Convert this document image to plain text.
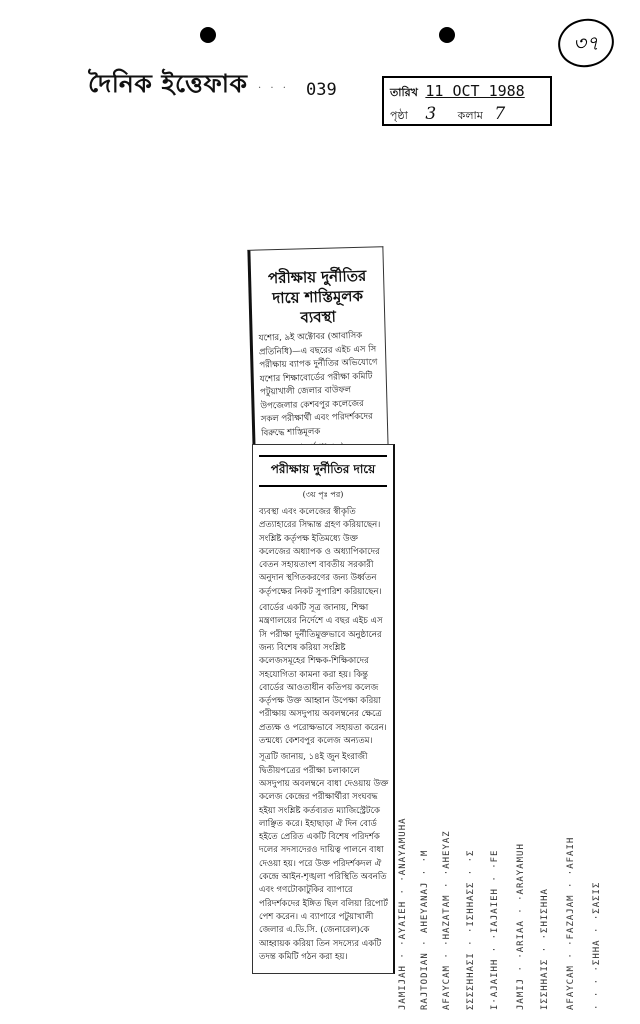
দৈনিক ইত্তেফাক . . . 039	তারিখ 11 OCT 1988
পৃষ্ঠা 3 কলাম 7
৩৭
পরীক্ষায় দুর্নীতির
দায়ে শাস্তিমূলক
ব্যবস্থা
যশোর, ৯ই অক্টোবর (আবাসিক প্রতিনিধি)—এ বছরের এইচ এস সি পরীক্ষায় ব্যাপক দুর্নীতির অভিযোগে যশোর শিক্ষাবোর্ডের পরীক্ষা কমিটি পটুয়াখালী জেলার বাউফল উপজেলার কেশবপুর কলেজের সকল পরীক্ষার্থী এবং পরিদর্শকদের বিরুদ্ধে শাস্তিমূলক
পরীক্ষায় দুর্নীতির দায়ে
(৩য় পৃঃ পর)

ব্যবস্থা এবং কলেজের স্বীকৃতি প্রত্যাহারের সিদ্ধান্ত গ্রহণ করিয়াছেন। সংশ্লিষ্ট কর্তৃপক্ষ ইতিমধ্যে উক্ত কলেজের অধ্যাপক ও অধ্যাপিকাদের বেতন সহায়তাংশ বাবতীয় সরকারী অনুদান স্থগিতকরণের জন্য উর্ধ্বতন কর্তৃপক্ষের নিকট সুপারিশ করিয়াছেন।

বোর্ডের একটি সূত্র জানায়, শিক্ষা মন্ত্রণালয়ের নির্দেশে এ বছর এইচ এস সি পরীক্ষা দুর্নীতিমুক্তভাবে অনুষ্ঠানের জন্য বিশেষ করিয়া সংশ্লিষ্ট কলেজসমূহের শিক্ষক-শিক্ষিকাদের সহযোগিতা কামনা করা হয়। কিন্তু বোর্ডের আওতাধীন কতিপয় কলেজ কর্তৃপক্ষ উক্ত আহ্বান উপেক্ষা করিয়া পরীক্ষায় অসদুপায় অবলম্বনের ক্ষেত্রে প্রত্যক্ষ ও পরোক্ষভাবে সহায়তা করেন। তন্মধ্যে কেশবপুর কলেজ অন্যতম।

সূত্রটি জানায়, ১৪ই জুন ইংরাজী দ্বিতীয়পত্রের পরীক্ষা চলাকালে অসদুপায় অবলম্বনে বাধা দেওয়ায় উক্ত কলেজ কেন্দ্রের পরীক্ষার্থীরা সংঘবদ্ধ হইয়া সংশ্লিষ্ট কর্তব্যরত ম্যাজিস্ট্রেটকে লাঞ্ছিত করে। ইহাছাড়া ঐ দিন বোর্ড হইতে প্রেরিত একটি বিশেষ পরিদর্শক দলের সদস্যদেরও দায়িত্ব পালনে বাধা দেওয়া হয়। পরে উক্ত পরিদর্শকদল ঐ কেন্দ্রে আইন-শৃঙ্খলা পরিস্থিতি অবনতি এবং গণটোকাটুকির ব্যাপারে পরিদর্শকদের ইঙ্গিত ছিল বলিয়া রিপোর্ট পেশ করেন। এ ব্যাপারে পটুয়াখালী জেলার এ.ডি.সি. (জেনারেল)কে আহ্বায়ক করিয়া তিন সদস্যের একটি তদন্ত কমিটি গঠন করা হয়।	JAMIJAH · ·AYAIEH · ·ANAYAMUHA RAJTODIAN · AHEYANAJ · ·M AFAYCAM · ·HAZATAM · ·AHEYAZ ΣΣΣΣΗΗΑΣΙ · ·ΙΣΗΗΑΣΣ · ·Σ I·AJAIHH · ·IAJAIEH · ·FE JAMIJ · ·ARIAA · ·ARAYAMUH ΙΣΣΗΗΑΙΣ · ·ΣΗΙΣΗΗΑ AFAYCAM · ·FAZAJAM · ·AFAIH · · · ·ΣΗΗΑ · ·ΣΑΣΙΣ
